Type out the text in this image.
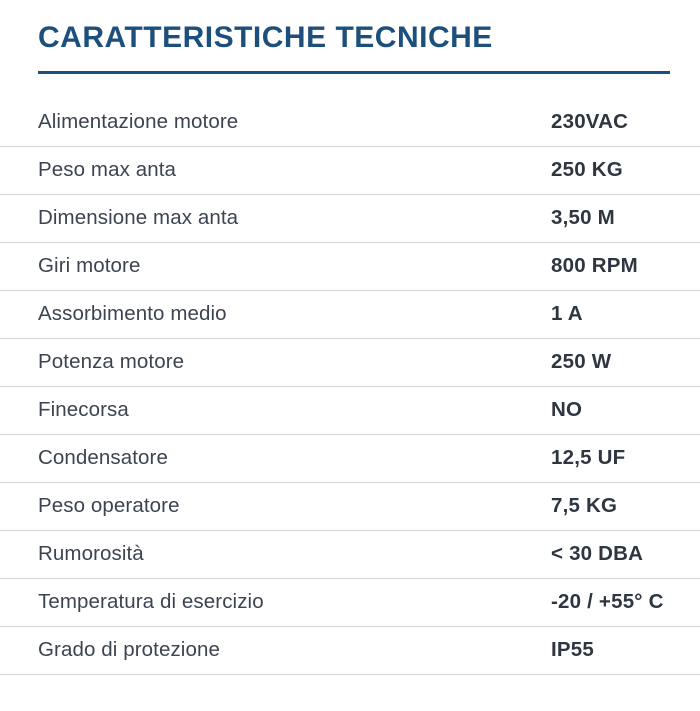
CARATTERISTICHE TECNICHE
Alimentazione motore	230VAC
Peso max anta	250 KG
Dimensione max anta	3,50 M
Giri motore	800 RPM
Assorbimento medio	1 A
Potenza motore	250 W
Finecorsa	NO
Condensatore	12,5 UF
Peso operatore	7,5 KG
Rumorosità	< 30 DBA
Temperatura di esercizio	-20 / +55° C
Grado di protezione	IP55
